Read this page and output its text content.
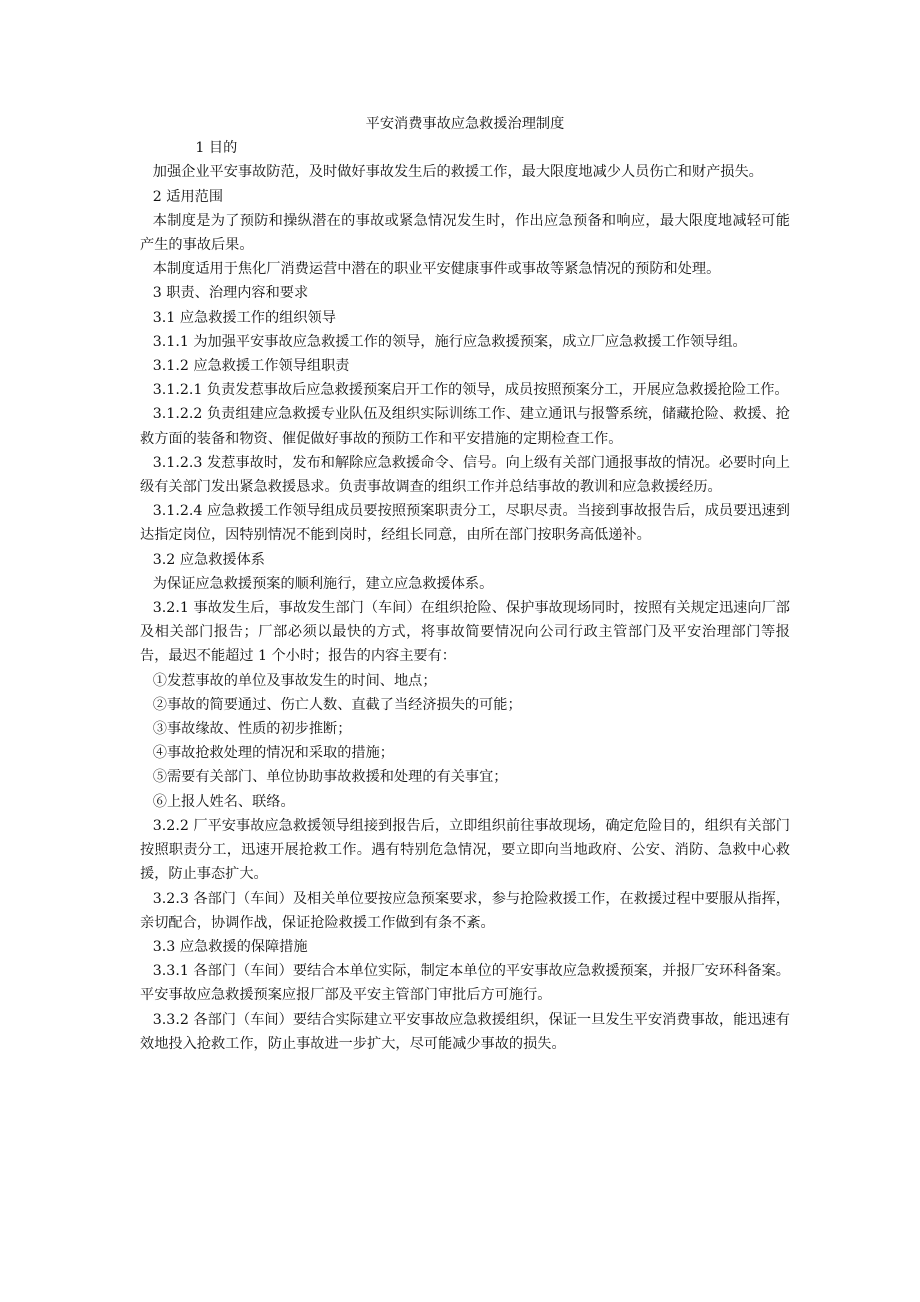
平安消费事故应急救援治理制度

1 目的

加强企业平安事故防范，及时做好事故发生后的救援工作，最大限度地减少人员伤亡和财产损失。

2 适用范围

本制度是为了预防和操纵潜在的事故或紧急情况发生时，作出应急预备和响应，最大限度地减轻可能产生的事故后果。

本制度适用于焦化厂消费运营中潜在的职业平安健康事件或事故等紧急情况的预防和处理。

3 职责、治理内容和要求

3.1 应急救援工作的组织领导

3.1.1 为加强平安事故应急救援工作的领导，施行应急救援预案，成立厂应急救援工作领导组。

3.1.2 应急救援工作领导组职责

3.1.2.1 负责发惹事故后应急救援预案启开工作的领导，成员按照预案分工，开展应急救援抢险工作。

3.1.2.2 负责组建应急救援专业队伍及组织实际训练工作、建立通讯与报警系统，储藏抢险、救援、抢救方面的装备和物资、催促做好事故的预防工作和平安措施的定期检查工作。

3.1.2.3 发惹事故时，发布和解除应急救援命令、信号。向上级有关部门通报事故的情况。必要时向上级有关部门发出紧急救援恳求。负责事故调查的组织工作并总结事故的教训和应急救援经历。

3.1.2.4 应急救援工作领导组成员要按照预案职责分工，尽职尽责。当接到事故报告后，成员要迅速到达指定岗位，因特别情况不能到岗时，经组长同意，由所在部门按职务高低递补。

3.2 应急救援体系

为保证应急救援预案的顺利施行，建立应急救援体系。

3.2.1 事故发生后，事故发生部门（车间）在组织抢险、保护事故现场同时，按照有关规定迅速向厂部及相关部门报告；厂部必须以最快的方式，将事故简要情况向公司行政主管部门及平安治理部门等报告，最迟不能超过 1 个小时；报告的内容主要有：

①发惹事故的单位及事故发生的时间、地点；

②事故的简要通过、伤亡人数、直截了当经济损失的可能；

③事故缘故、性质的初步推断；

④事故抢救处理的情况和采取的措施；

⑤需要有关部门、单位协助事故救援和处理的有关事宜；

⑥上报人姓名、联络。

3.2.2 厂平安事故应急救援领导组接到报告后，立即组织前往事故现场，确定危险目的，组织有关部门按照职责分工，迅速开展抢救工作。遇有特别危急情况，要立即向当地政府、公安、消防、急救中心救援，防止事态扩大。

3.2.3 各部门（车间）及相关单位要按应急预案要求，参与抢险救援工作，在救援过程中要服从指挥，亲切配合，协调作战，保证抢险救援工作做到有条不紊。

3.3 应急救援的保障措施

3.3.1 各部门（车间）要结合本单位实际，制定本单位的平安事故应急救援预案，并报厂安环科备案。平安事故应急救援预案应报厂部及平安主管部门审批后方可施行。

3.3.2 各部门（车间）要结合实际建立平安事故应急救援组织，保证一旦发生平安消费事故，能迅速有效地投入抢救工作，防止事故进一步扩大，尽可能减少事故的损失。
